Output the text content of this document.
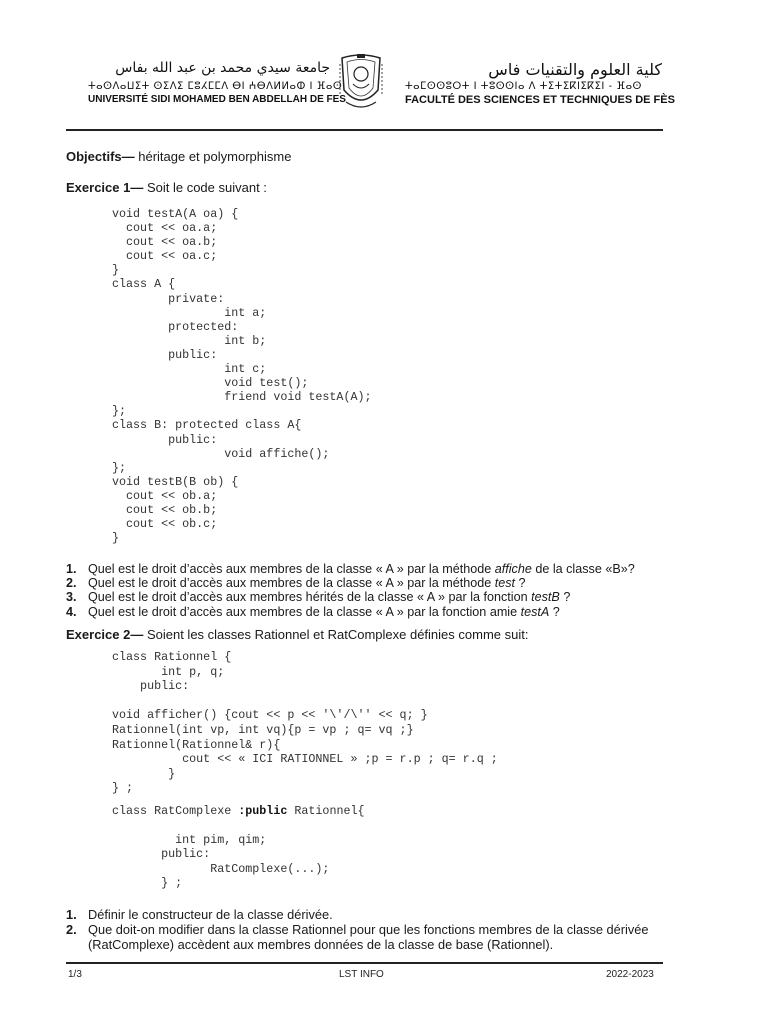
جامعة سيدي محمد بن عبد الله بفاس
ⵜⴰⵙⴷⴰⵡⵉⵜ ⵙⵉⴷⵉ ⵎⵓⵃⵎⵎⴷ ⴱⵏ ⵄⴱⴷⵍⵍⴰⵀ ⵏ ⴼⴰⵙ
UNIVERSITÉ SIDI MOHAMED BEN ABDELLAH DE FES
كلية العلوم والتقنيات فاس
ⵜⴰⵎⵙⵙⵓⵔⵜ ⵏ ⵜⵓⵙⵙⵏⴰ ⴷ ⵜⵉⵜⵉⴽⵏⵉⴽⵉⵏ - ⴼⴰⵙ
FACULTÉ DES SCIENCES ET TECHNIQUES DE FÈS
Objectifs— héritage et polymorphisme
Exercice 1— Soit le code suivant :
void testA(A oa) {
cout << oa.a;
cout << oa.b;
cout << oa.c;
}
class A {
private:
int a;
protected:
int b;
public:
int c;
void test();
friend void testA(A);
};
class B: protected class A{
public:
void affiche();
};
void testB(B ob) {
cout << ob.a;
cout << ob.b;
cout << ob.c;
}
1. Quel est le droit d’accès aux membres de la classe « A » par la méthode affiche de la classe «B»?
2. Quel est le droit d’accès aux membres de la classe « A » par la méthode test ?
3. Quel est le droit d’accès aux membres hérités de la classe « A » par la fonction testB ?
4. Quel est le droit d’accès aux membres de la classe « A » par la fonction amie testA ?
Exercice 2— Soient les classes Rationnel et RatComplexe définies comme suit:
class Rationnel {
int p, q;
public:

void afficher() {cout << p << '\'/\'' << q; }
Rationnel(int vp, int vq){p = vp ; q= vq ;}
Rationnel(Rationnel& r){
cout << « ICI RATIONNEL » ;p = r.p ; q= r.q ;
}
} ;
class RatComplexe :public Rationnel{

int pim, qim;
public:
RatComplexe(...);
} ;
1. Définir le constructeur de la classe dérivée.
2. Que doit-on modifier dans la classe Rationnel pour que les fonctions membres de la classe dérivée
(RatComplexe) accèdent aux membres données de la classe de base (Rationnel).
1/3	LST INFO	2022-2023
